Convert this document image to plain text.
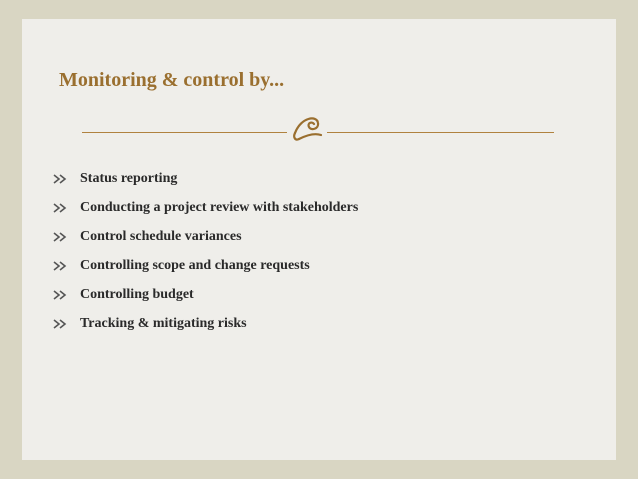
Monitoring & control by...
Status reporting
Conducting a project review with stakeholders
Control schedule variances
Controlling scope and change requests
Controlling budget
Tracking & mitigating risks
